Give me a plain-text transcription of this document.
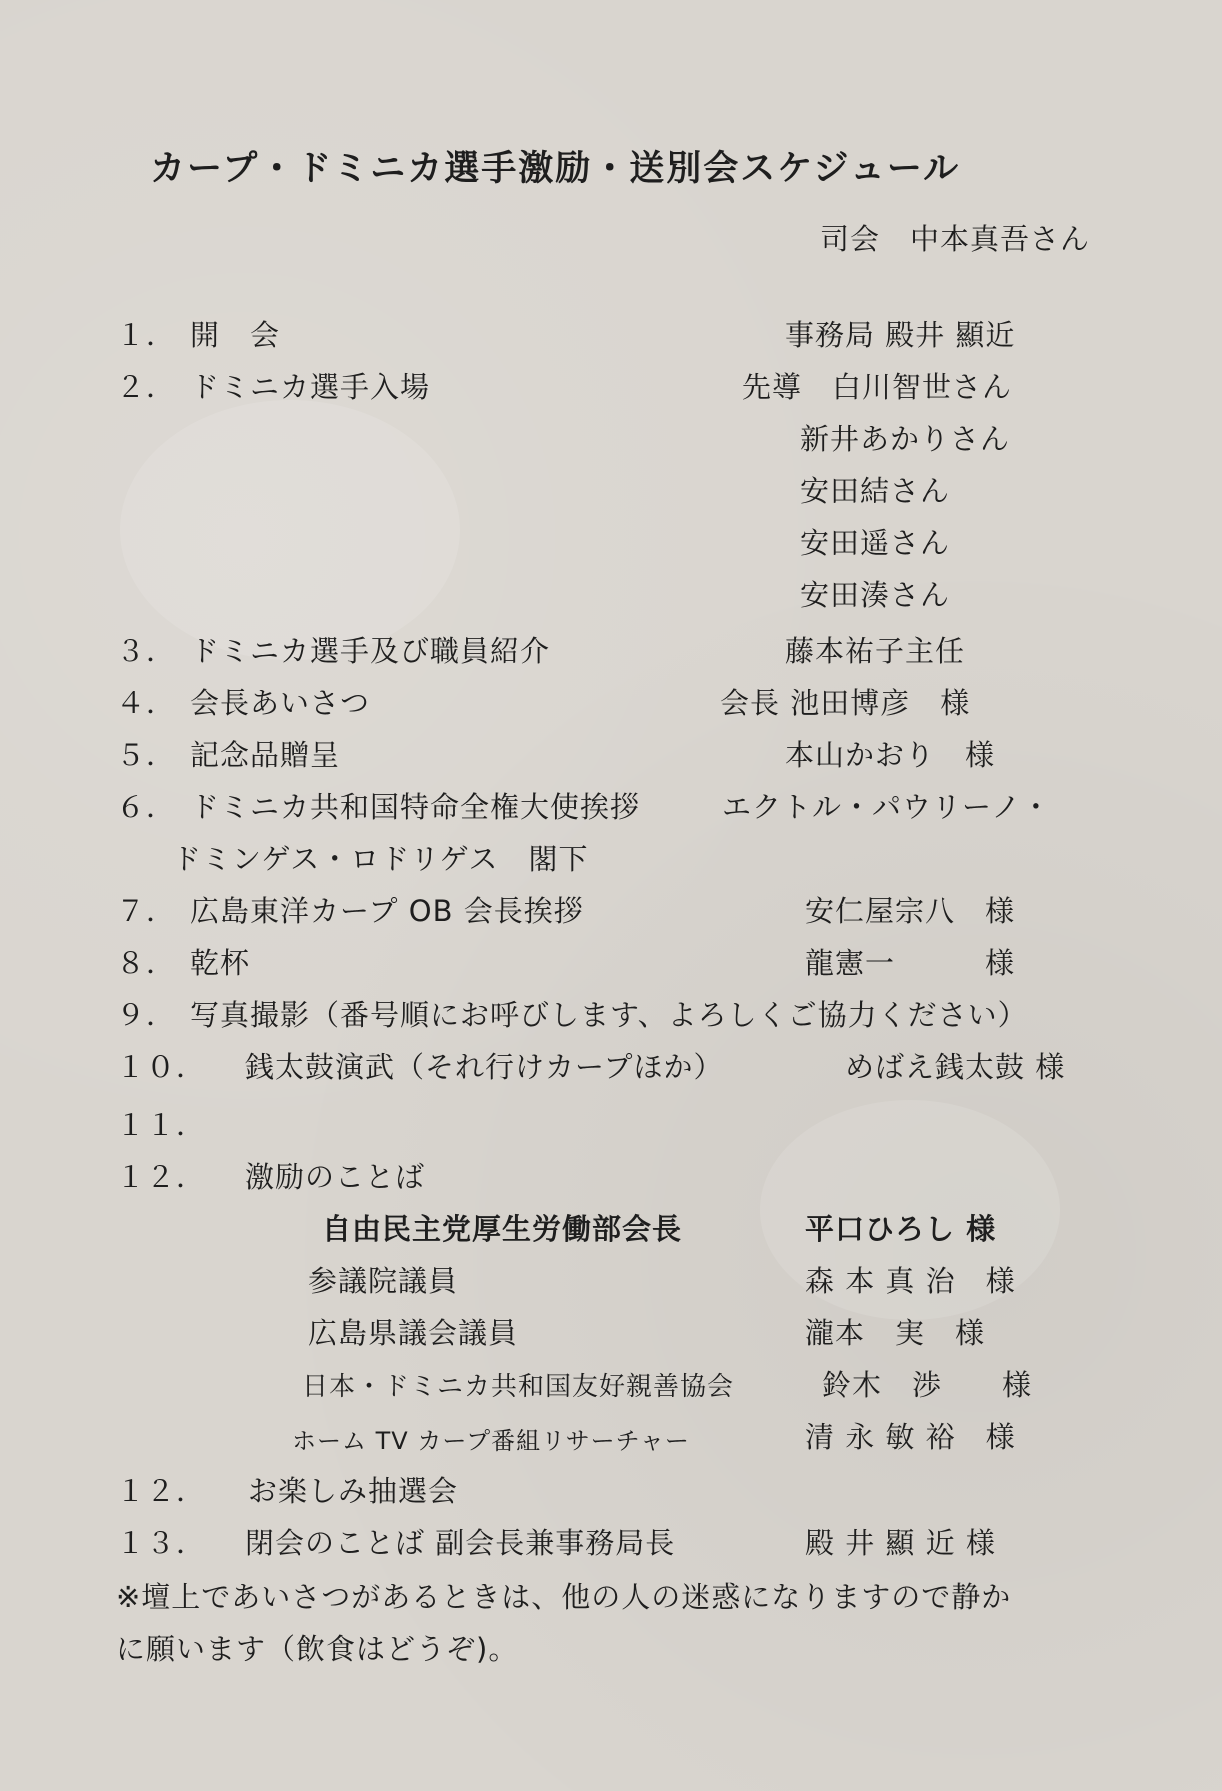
カープ・ドミニカ選手激励・送別会スケジュール
司会　中本真吾さん
１． 開　会	事務局 殿井 顯近
２． ドミニカ選手入場	先導　白川智世さん
新井あかりさん
安田結さん
安田遥さん
安田湊さん
３． ドミニカ選手及び職員紹介	藤本祐子主任
４． 会長あいさつ	会長 池田博彦　様
５． 記念品贈呈	本山かおり　様
６． ドミニカ共和国特命全権大使挨拶	エクトル・パウリーノ・
ドミンゲス・ロドリゲス　閣下
７． 広島東洋カープ OB 会長挨拶	安仁屋宗八　様
８． 乾杯	龍憲一　　　様
９． 写真撮影（番号順にお呼びします、よろしくご協力ください）
１０． 銭太鼓演武（それ行けカープほか）	めばえ銭太鼓 様
１１．
１２． 激励のことば
自由民主党厚生労働部会長	平口ひろし 様
参議院議員	森 本 真 治　様
広島県議会議員	瀧本　実　様
日本・ドミニカ共和国友好親善協会	鈴木　渉　　様
ホーム TV カープ番組リサーチャー	清 永 敏 裕　様
１２． お楽しみ抽選会
１３． 閉会のことば 副会長兼事務局長	殿 井 顯 近 様
※壇上であいさつがあるときは、他の人の迷惑になりますので静か
に願います（飲食はどうぞ)。
